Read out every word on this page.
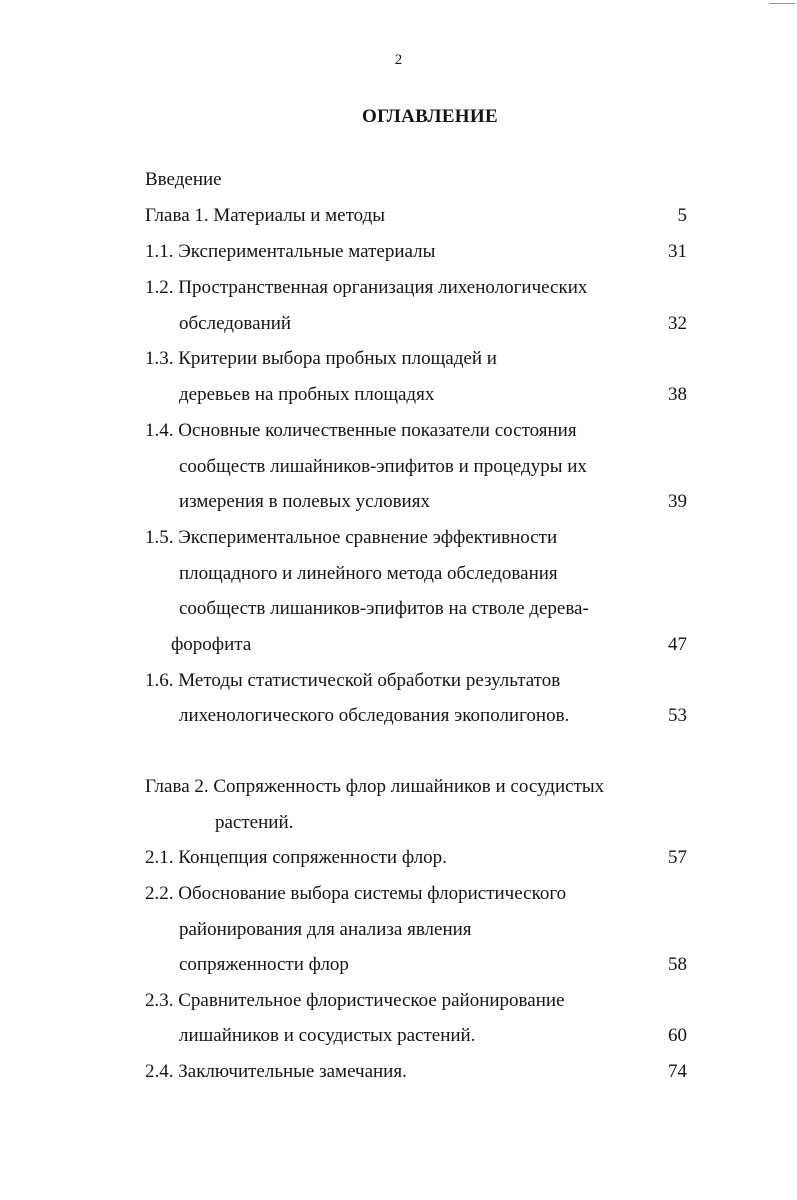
2
ОГЛАВЛЕНИЕ
Введение
Глава 1. Материалы и методы	5
1.1. Экспериментальные материалы	31
1.2. Пространственная организация лихенологических
обследований	32
1.3. Критерии выбора пробных площадей и
деревьев на пробных площадях	38
1.4. Основные количественные показатели состояния
сообществ лишайников-эпифитов и процедуры их
измерения в полевых условиях	39
1.5. Экспериментальное сравнение эффективности
площадного и линейного метода обследования
сообществ лишаников-эпифитов на стволе дерева-
форофита	47
1.6. Методы статистической обработки результатов
лихенологического обследования экополигонов.	53
Глава 2. Сопряженность флор лишайников и сосудистых
растений.
2.1. Концепция сопряженности флор.	57
2.2. Обоснование выбора системы флористического
районирования для анализа явления
сопряженности флор	58
2.3. Сравнительное флористическое районирование
лишайников и сосудистых растений.	60
2.4. Заключительные замечания.	74
